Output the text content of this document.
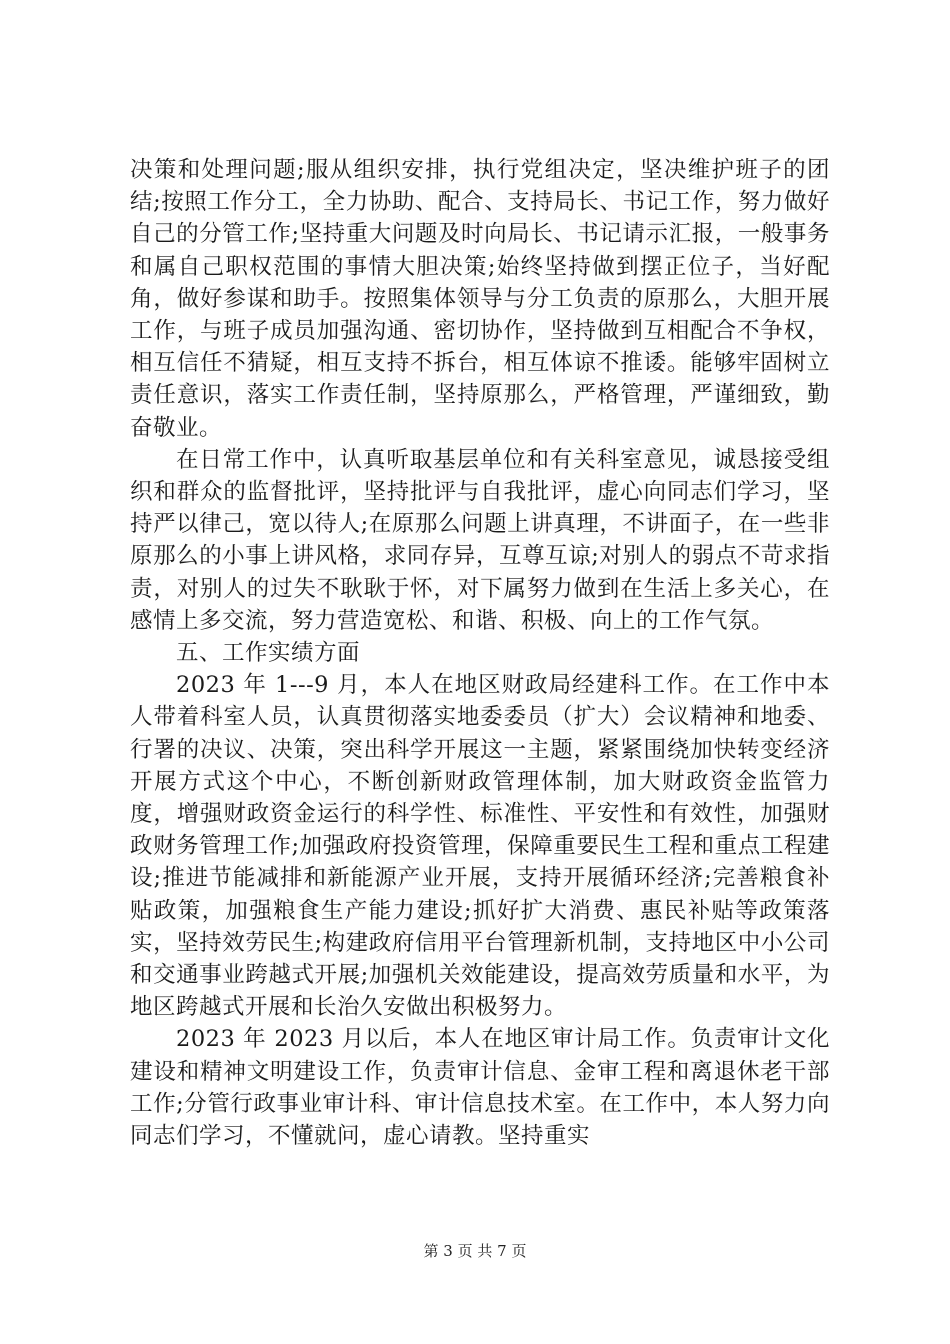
决策和处理问题;服从组织安排，执行党组决定，坚决维护班子的团结;按照工作分工，全力协助、配合、支持局长、书记工作，努力做好自己的分管工作;坚持重大问题及时向局长、书记请示汇报，一般事务和属自己职权范围的事情大胆决策;始终坚持做到摆正位子，当好配角，做好参谋和助手。按照集体领导与分工负责的原那么，大胆开展工作，与班子成员加强沟通、密切协作，坚持做到互相配合不争权，相互信任不猜疑，相互支持不拆台，相互体谅不推诿。能够牢固树立责任意识，落实工作责任制，坚持原那么，严格管理，严谨细致，勤奋敬业。

在日常工作中，认真听取基层单位和有关科室意见，诚恳接受组织和群众的监督批评，坚持批评与自我批评，虚心向同志们学习，坚持严以律己，宽以待人;在原那么问题上讲真理，不讲面子，在一些非原那么的小事上讲风格，求同存异，互尊互谅;对别人的弱点不苛求指责，对别人的过失不耿耿于怀，对下属努力做到在生活上多关心，在感情上多交流，努力营造宽松、和谐、积极、向上的工作气氛。

五、工作实绩方面

2023 年 1---9 月，本人在地区财政局经建科工作。在工作中本人带着科室人员，认真贯彻落实地委委员（扩大）会议精神和地委、行署的决议、决策，突出科学开展这一主题，紧紧围绕加快转变经济开展方式这个中心，不断创新财政管理体制，加大财政资金监管力度，增强财政资金运行的科学性、标准性、平安性和有效性，加强财政财务管理工作;加强政府投资管理，保障重要民生工程和重点工程建设;推进节能减排和新能源产业开展，支持开展循环经济;完善粮食补贴政策，加强粮食生产能力建设;抓好扩大消费、惠民补贴等政策落实，坚持效劳民生;构建政府信用平台管理新机制，支持地区中小公司和交通事业跨越式开展;加强机关效能建设，提高效劳质量和水平，为地区跨越式开展和长治久安做出积极努力。

2023 年 2023 月以后，本人在地区审计局工作。负责审计文化建设和精神文明建设工作，负责审计信息、金审工程和离退休老干部工作;分管行政事业审计科、审计信息技术室。在工作中，本人努力向同志们学习，不懂就问，虚心请教。坚持重实

第 3 页 共 7 页
